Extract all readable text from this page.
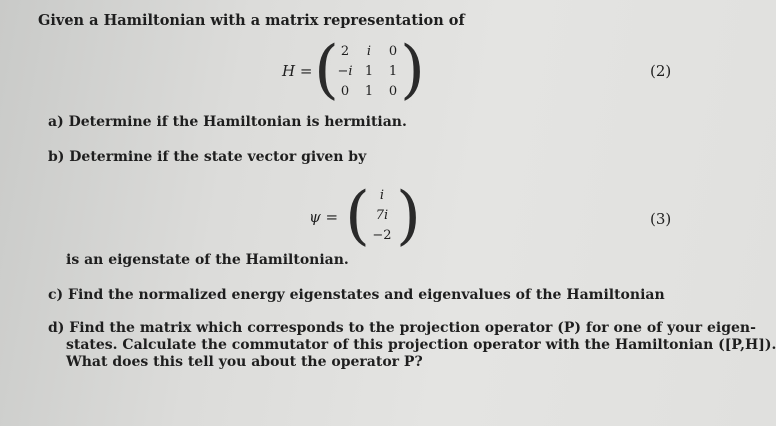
Given a Hamiltonian with a matrix representation of
H = ( )
2	i	0
−i 1	1
0	1	0
(2)
a) Determine if the Hamiltonian is hermitian.
b) Determine if the state vector given by
ψ = ( )
i
7i
−2
(3)
is an eigenstate of the Hamiltonian.
c) Find the normalized energy eigenstates and eigenvalues of the Hamiltonian
d) Find the matrix which corresponds to the projection operator (P) for one of your eigen-
states. Calculate the commutator of this projection operator with the Hamiltonian ([P,H]).
What does this tell you about the operator P?
